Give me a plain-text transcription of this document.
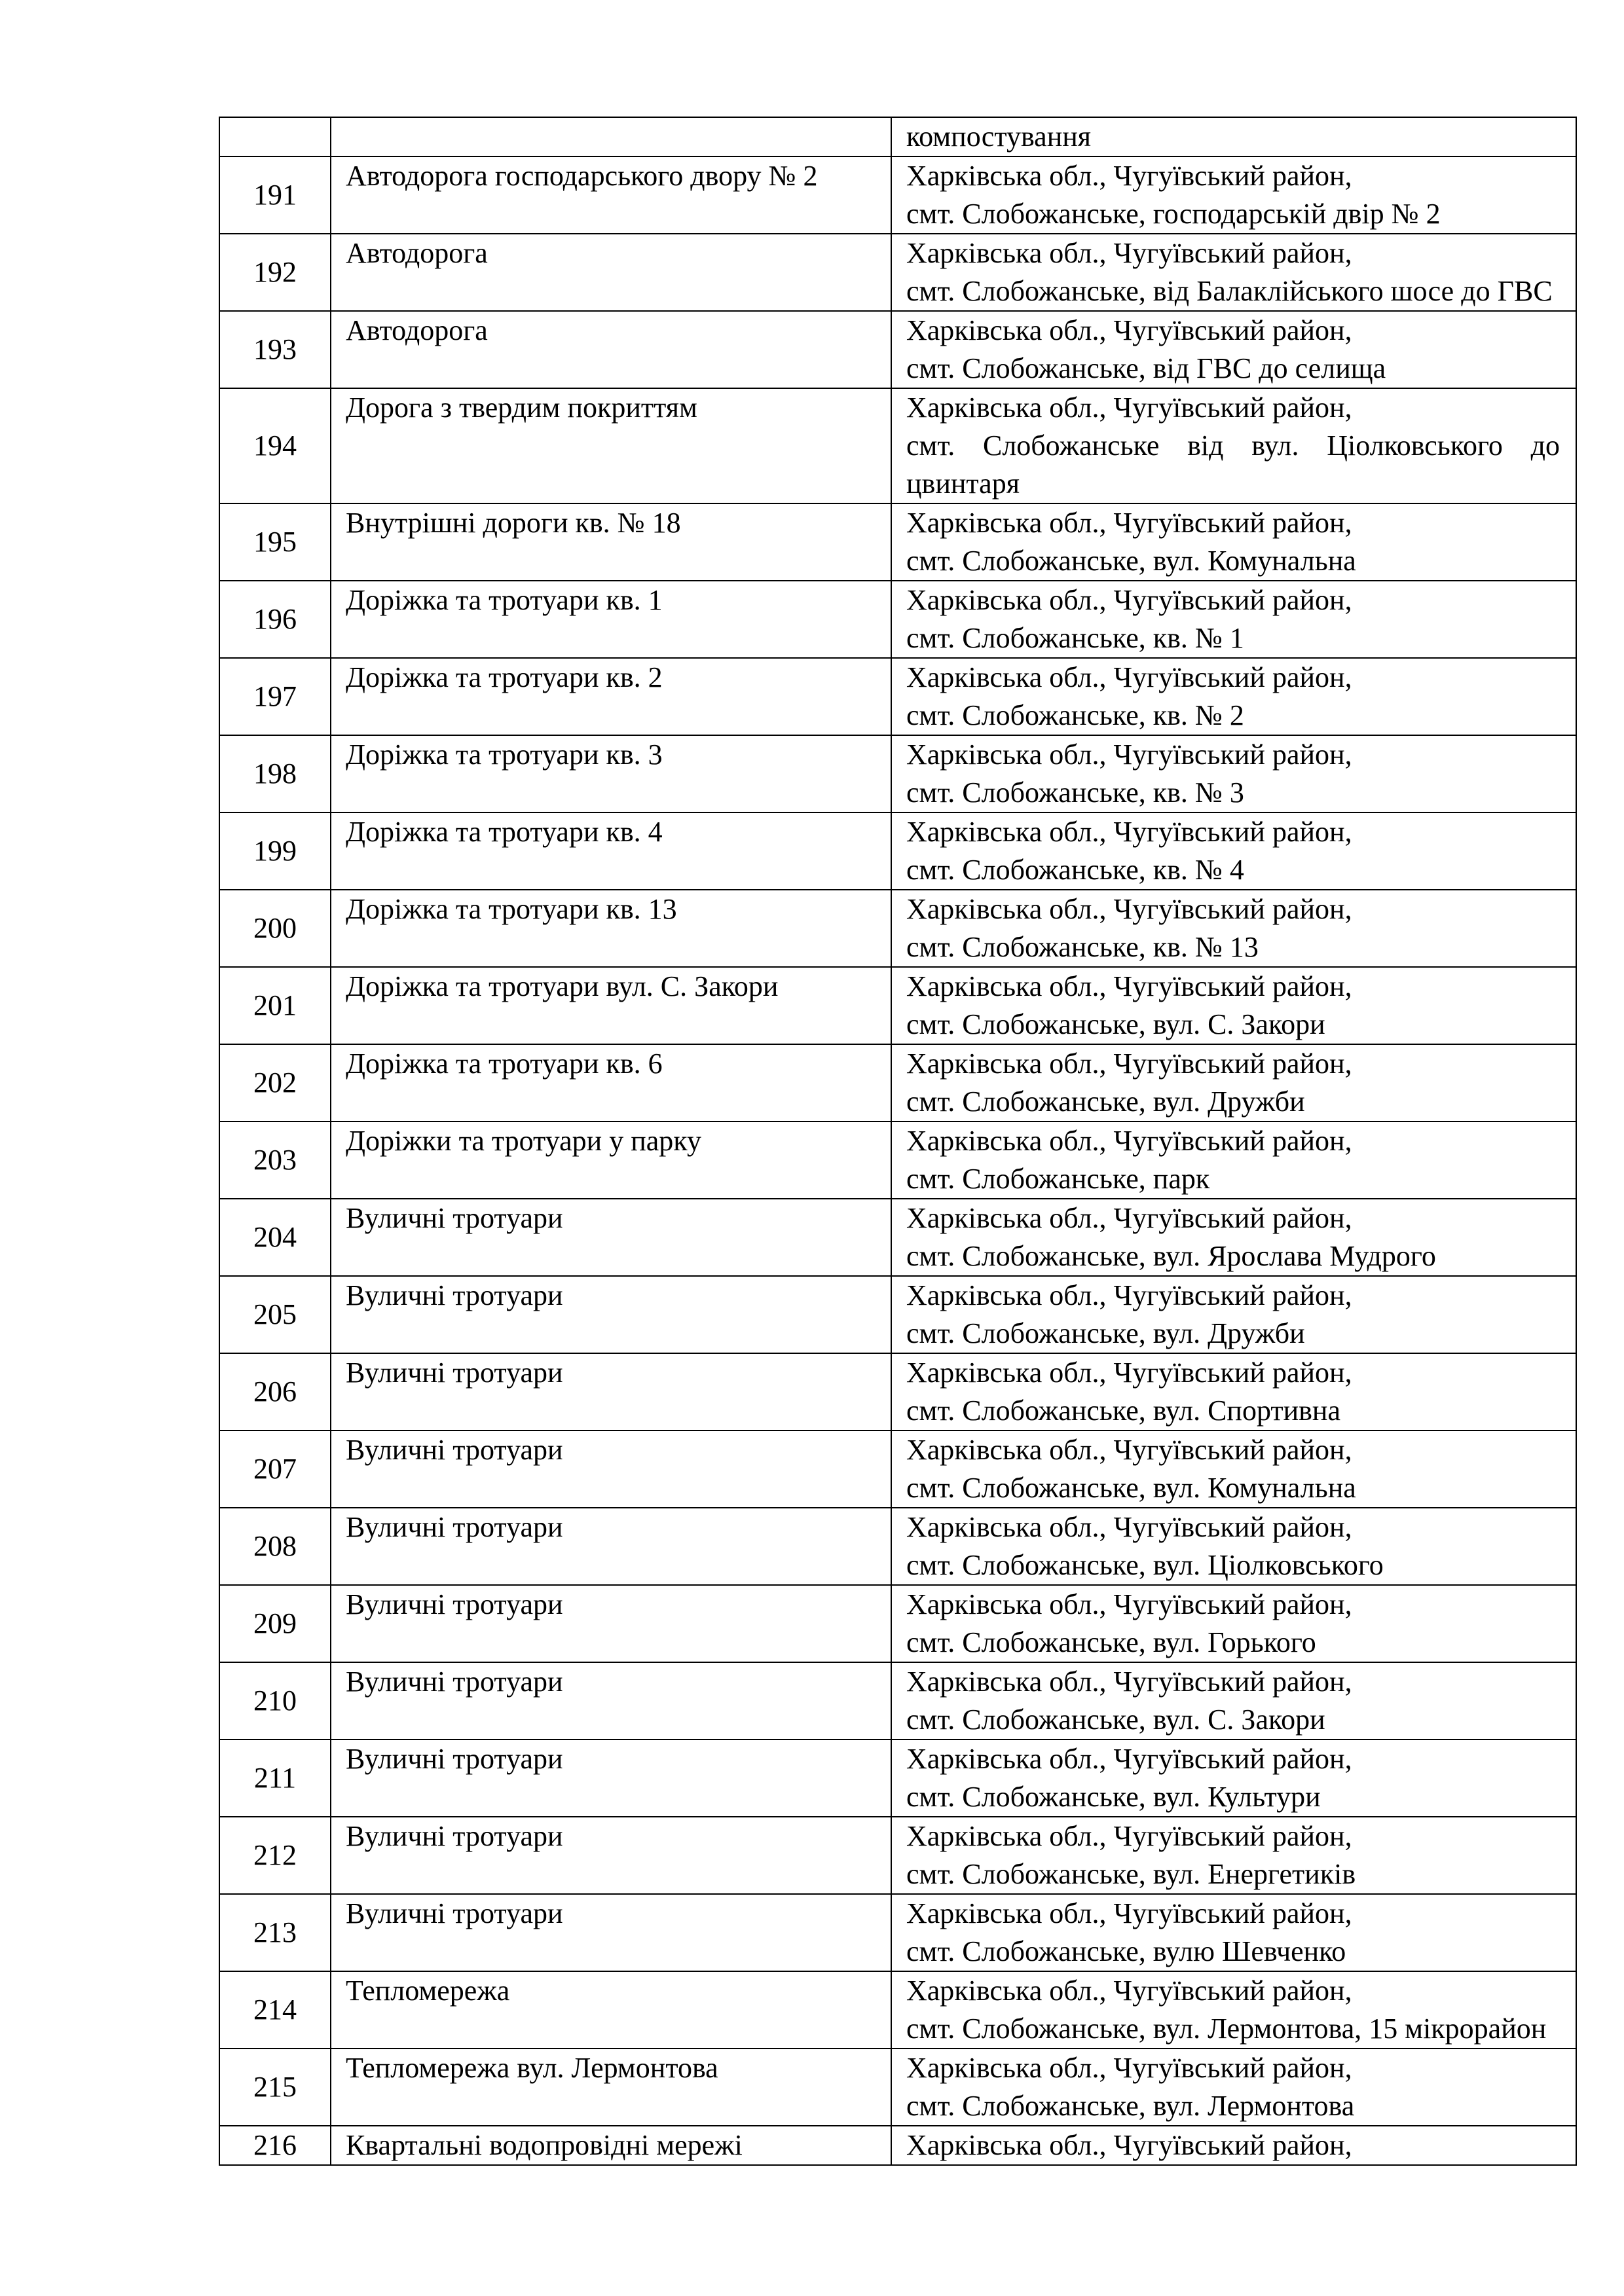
		компостування

191	Автодорога господарського двору № 2	Харківська обл., Чугуївський район,
смт. Слобожанське, господарській двір № 2

192	Автодорога	Харківська обл., Чугуївський район,
смт. Слобожанське, від Балаклійського шосе до ГВС

193	Автодорога	Харківська обл., Чугуївський район,
смт. Слобожанське, від ГВС до селища

194	Дорога з твердим покриттям	Харківська обл., Чугуївський район,
смт. Слобожанське від вул. Ціолковського до цвинтаря

195	Внутрішні дороги кв. № 18	Харківська обл., Чугуївський район,
смт. Слобожанське, вул. Комунальна

196	Доріжка та тротуари кв. 1	Харківська обл., Чугуївський район,
смт. Слобожанське, кв. № 1

197	Доріжка та тротуари кв. 2	Харківська обл., Чугуївський район,
смт. Слобожанське, кв. № 2

198	Доріжка та тротуари кв. 3	Харківська обл., Чугуївський район,
смт. Слобожанське, кв. № 3

199	Доріжка та тротуари кв. 4	Харківська обл., Чугуївський район,
смт. Слобожанське, кв. № 4

200	Доріжка та тротуари кв. 13	Харківська обл., Чугуївський район,
смт. Слобожанське, кв. № 13

201	Доріжка та тротуари вул. С. Закори	Харківська обл., Чугуївський район,
смт. Слобожанське, вул. С. Закори

202	Доріжка та тротуари кв. 6	Харківська обл., Чугуївський район,
смт. Слобожанське, вул. Дружби

203	Доріжки та тротуари у парку	Харківська обл., Чугуївський район,
смт. Слобожанське, парк

204	Вуличні тротуари	Харківська обл., Чугуївський район,
смт. Слобожанське, вул. Ярослава Мудрого

205	Вуличні тротуари	Харківська обл., Чугуївський район,
смт. Слобожанське, вул. Дружби

206	Вуличні тротуари	Харківська обл., Чугуївський район,
смт. Слобожанське, вул. Спортивна

207	Вуличні тротуари	Харківська обл., Чугуївський район,
смт. Слобожанське, вул. Комунальна

208	Вуличні тротуари	Харківська обл., Чугуївський район,
смт. Слобожанське, вул. Ціолковського

209	Вуличні тротуари	Харківська обл., Чугуївський район,
смт. Слобожанське, вул. Горького

210	Вуличні тротуари	Харківська обл., Чугуївський район,
смт. Слобожанське, вул. С. Закори

211	Вуличні тротуари	Харківська обл., Чугуївський район,
смт. Слобожанське, вул. Культури

212	Вуличні тротуари	Харківська обл., Чугуївський район,
смт. Слобожанське, вул. Енергетиків

213	Вуличні тротуари	Харківська обл., Чугуївський район,
смт. Слобожанське, вулю Шевченко

214	Тепломережа	Харківська обл., Чугуївський район,
смт. Слобожанське, вул. Лермонтова, 15 мікрорайон

215	Тепломережа вул. Лермонтова	Харківська обл., Чугуївський район,
смт. Слобожанське, вул. Лермонтова

216	Квартальні водопровідні мережі	Харківська обл., Чугуївський район,
